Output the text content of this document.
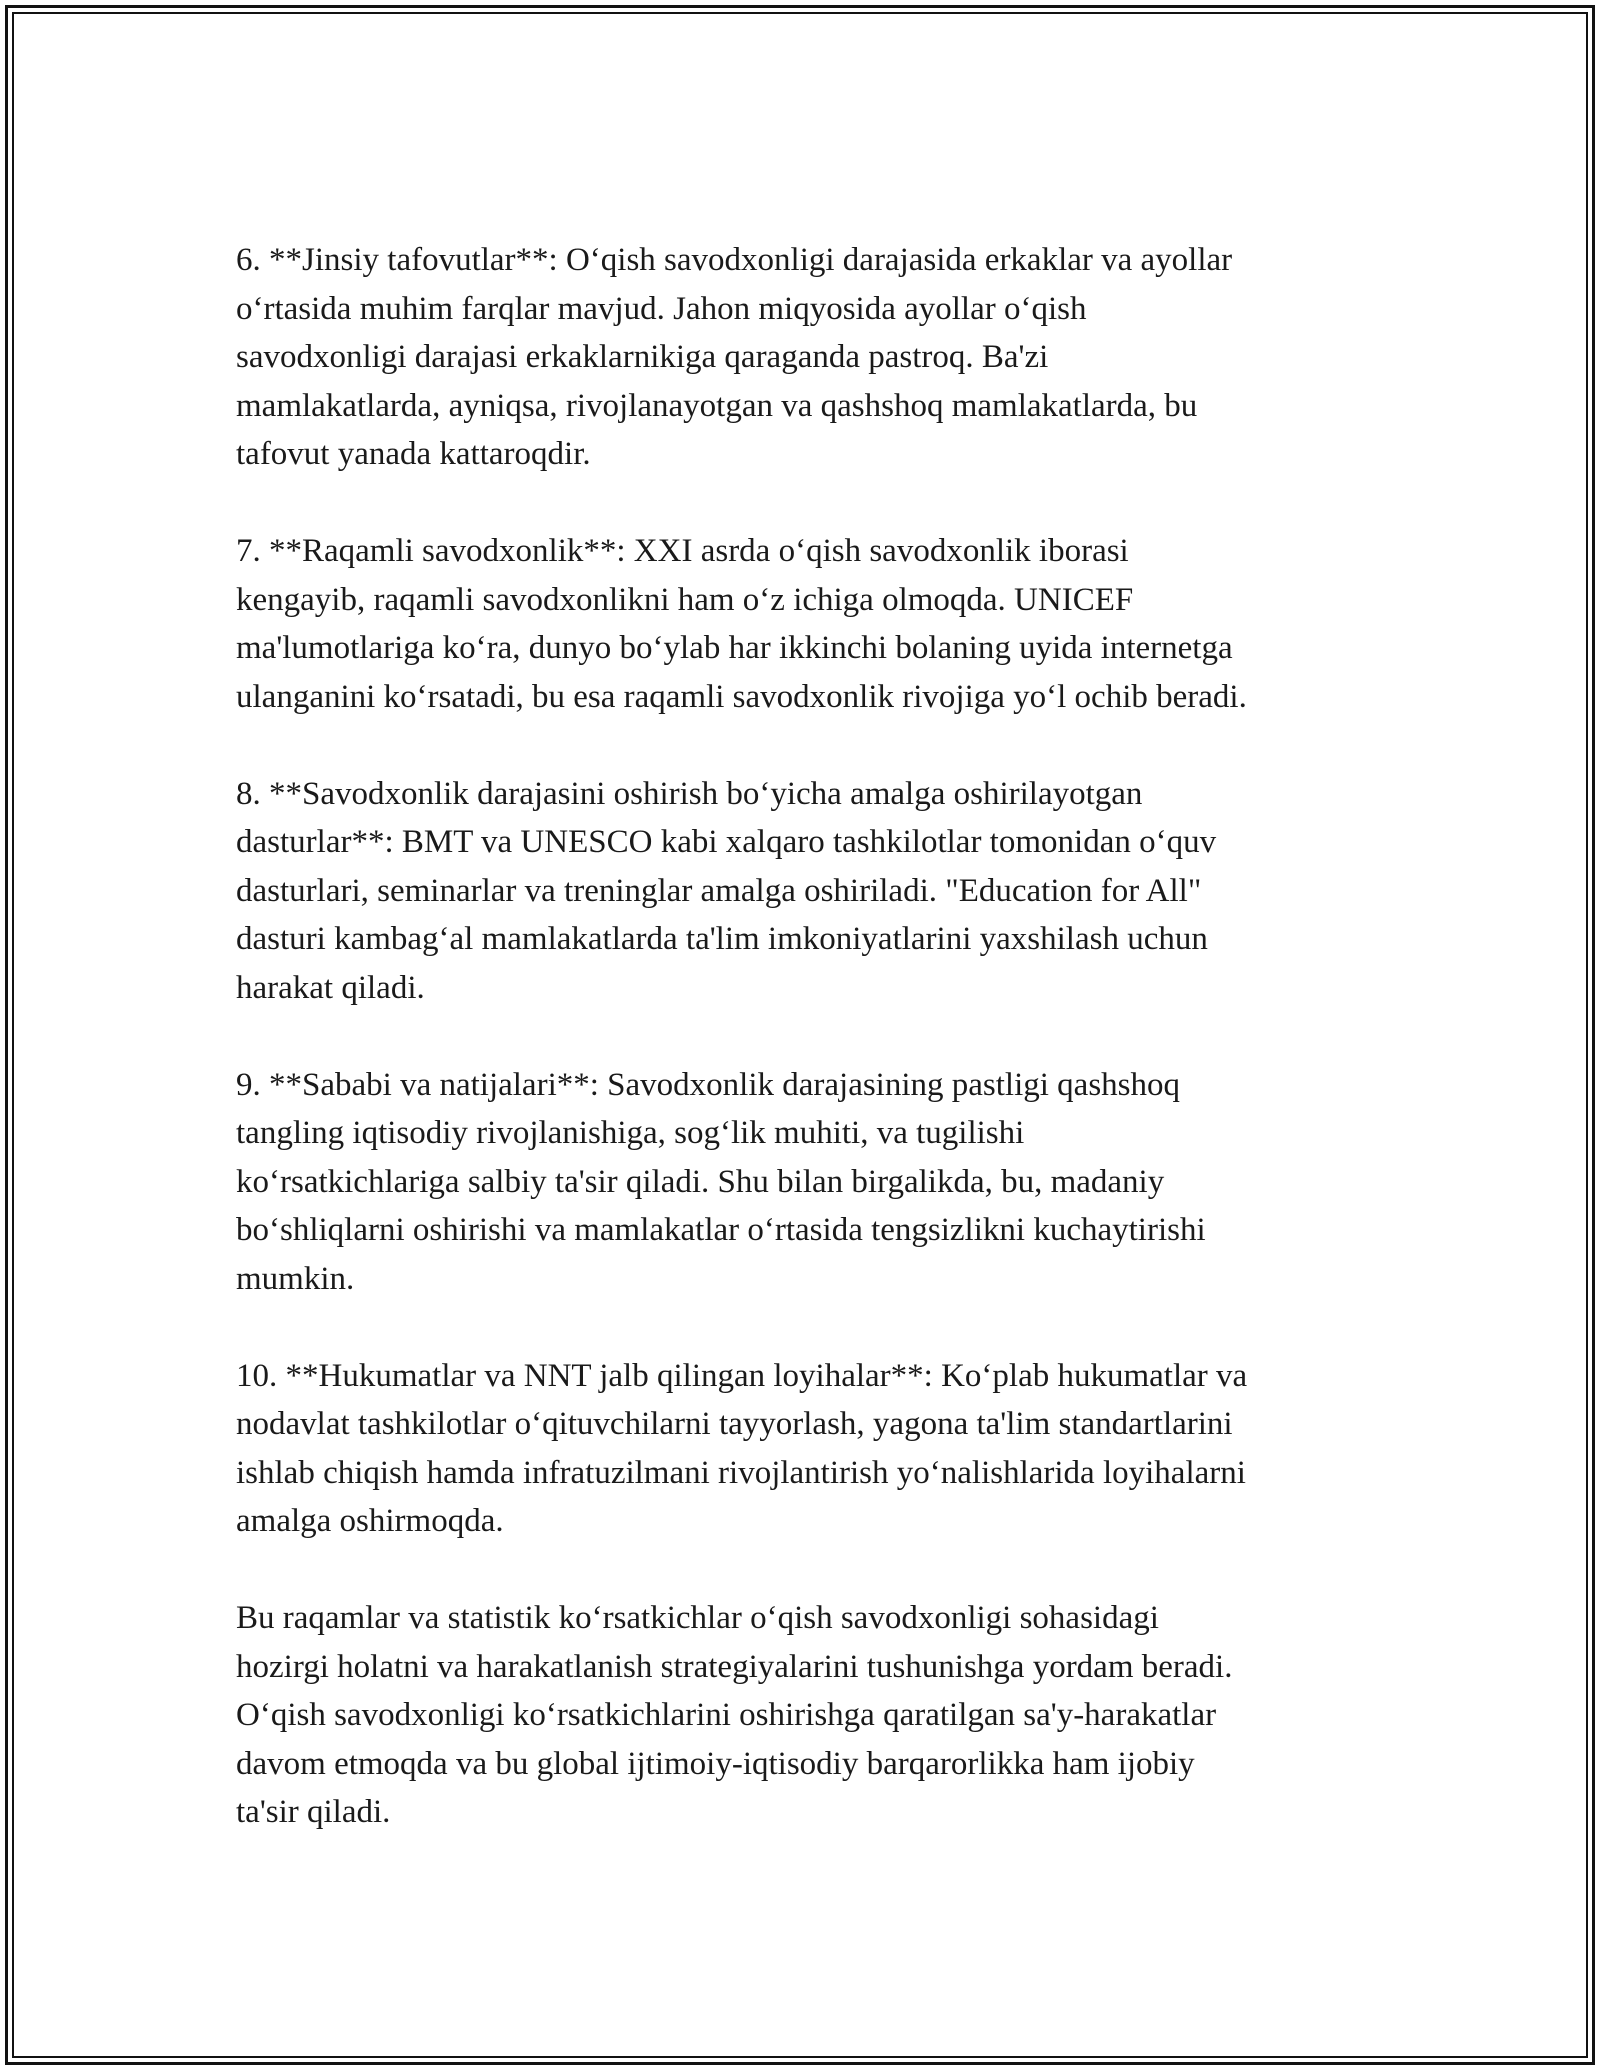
6. **Jinsiy tafovutlar**: O‘qish savodxonligi darajasida erkaklar va ayollar
o‘rtasida muhim farqlar mavjud. Jahon miqyosida ayollar o‘qish
savodxonligi darajasi erkaklarnikiga qaraganda pastroq. Ba'zi
mamlakatlarda, ayniqsa, rivojlanayotgan va qashshoq mamlakatlarda, bu
tafovut yanada kattaroqdir.

7. **Raqamli savodxonlik**: XXI asrda o‘qish savodxonlik iborasi
kengayib, raqamli savodxonlikni ham o‘z ichiga olmoqda. UNICEF
ma'lumotlariga ko‘ra, dunyo bo‘ylab har ikkinchi bolaning uyida internetga
ulanganini ko‘rsatadi, bu esa raqamli savodxonlik rivojiga yo‘l ochib beradi.

8. **Savodxonlik darajasini oshirish bo‘yicha amalga oshirilayotgan
dasturlar**: BMT va UNESCO kabi xalqaro tashkilotlar tomonidan o‘quv
dasturlari, seminarlar va treninglar amalga oshiriladi. "Education for All"
dasturi kambag‘al mamlakatlarda ta'lim imkoniyatlarini yaxshilash uchun
harakat qiladi.

9. **Sababi va natijalari**: Savodxonlik darajasining pastligi qashshoq
tangling iqtisodiy rivojlanishiga, sog‘lik muhiti, va tugilishi
ko‘rsatkichlariga salbiy ta'sir qiladi. Shu bilan birgalikda, bu, madaniy
bo‘shliqlarni oshirishi va mamlakatlar o‘rtasida tengsizlikni kuchaytirishi
mumkin.

10. **Hukumatlar va NNT jalb qilingan loyihalar**: Ko‘plab hukumatlar va
nodavlat tashkilotlar o‘qituvchilarni tayyorlash, yagona ta'lim standartlarini
ishlab chiqish hamda infratuzilmani rivojlantirish yo‘nalishlarida loyihalarni
amalga oshirmoqda.

Bu raqamlar va statistik ko‘rsatkichlar o‘qish savodxonligi sohasidagi
hozirgi holatni va harakatlanish strategiyalarini tushunishga yordam beradi.
O‘qish savodxonligi ko‘rsatkichlarini oshirishga qaratilgan sa'y-harakatlar
davom etmoqda va bu global ijtimoiy-iqtisodiy barqarorlikka ham ijobiy
ta'sir qiladi.
